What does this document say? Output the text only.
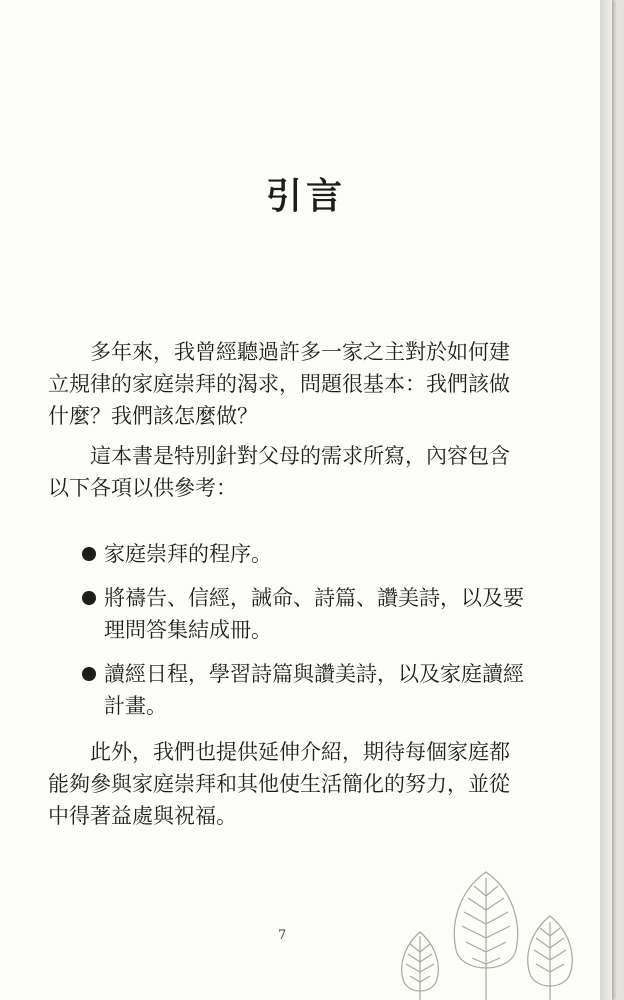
引言

多年來，我曾經聽過許多一家之主對於如何建立規律的家庭崇拜的渴求，問題很基本：我們該做什麼？我們該怎麼做？

這本書是特別針對父母的需求所寫，內容包含以下各項以供參考：

家庭崇拜的程序。
將禱告、信經，誡命、詩篇、讚美詩，以及要理問答集結成冊。
讀經日程，學習詩篇與讚美詩，以及家庭讀經計畫。

此外，我們也提供延伸介紹，期待每個家庭都能夠參與家庭崇拜和其他使生活簡化的努力，並從中得著益處與祝福。

7
